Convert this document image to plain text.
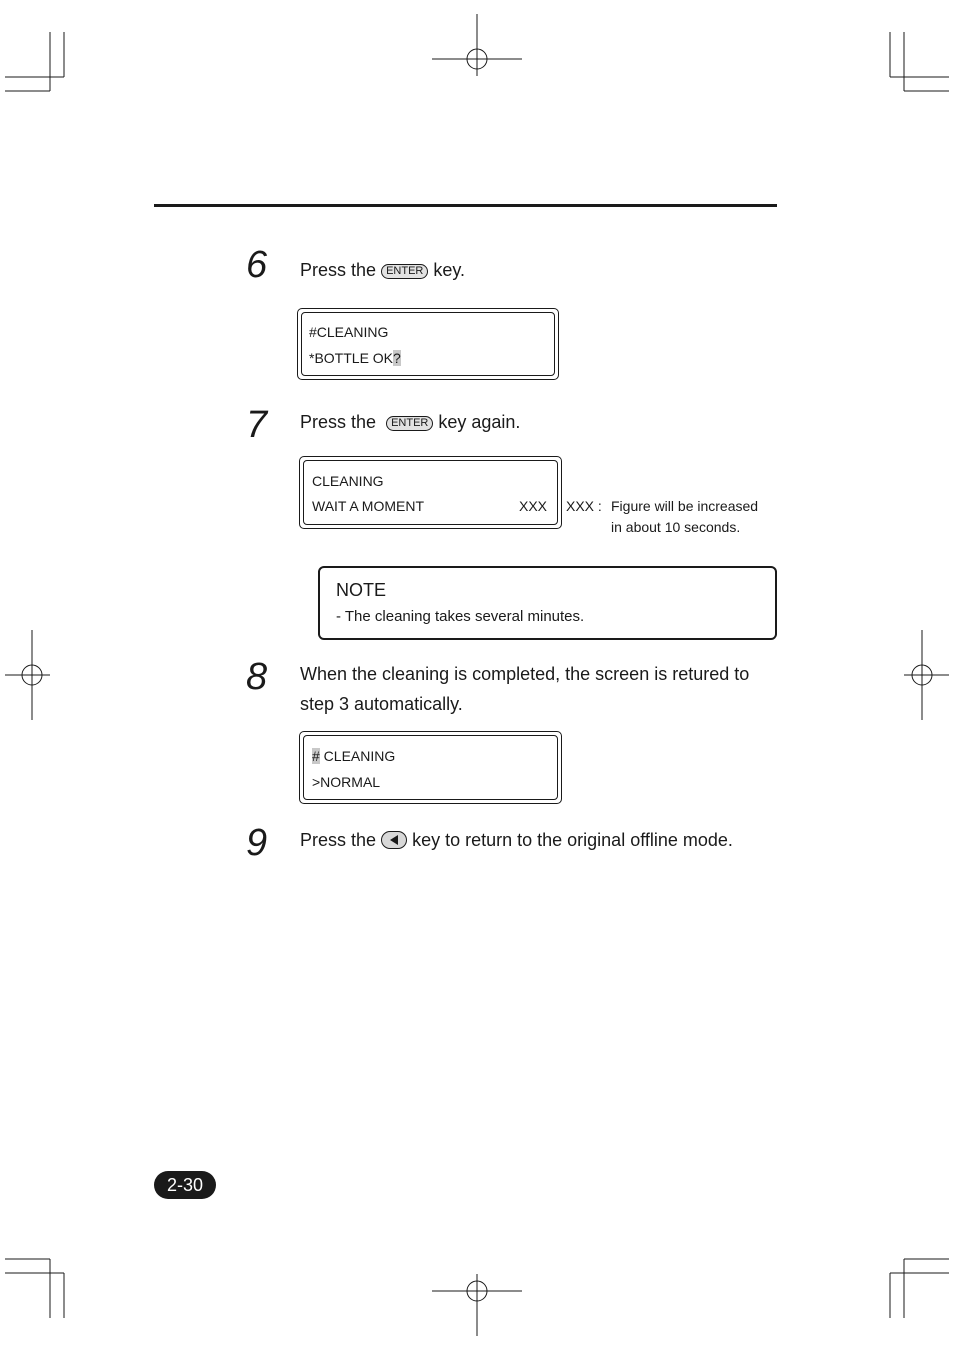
6 Press the ENTER key.
#CLEANING
*BOTTLE OK?
7 Press the ENTER key again.
CLEANING
WAIT A MOMENT	XXX XXX : Figure will be increased
in about 10 seconds.
NOTE
- The cleaning takes several minutes.
8 When the cleaning is completed, the screen is retured to
step 3 automatically.
# CLEANING
>NORMAL
9 Press the key to return to the original offline mode.
2-30
